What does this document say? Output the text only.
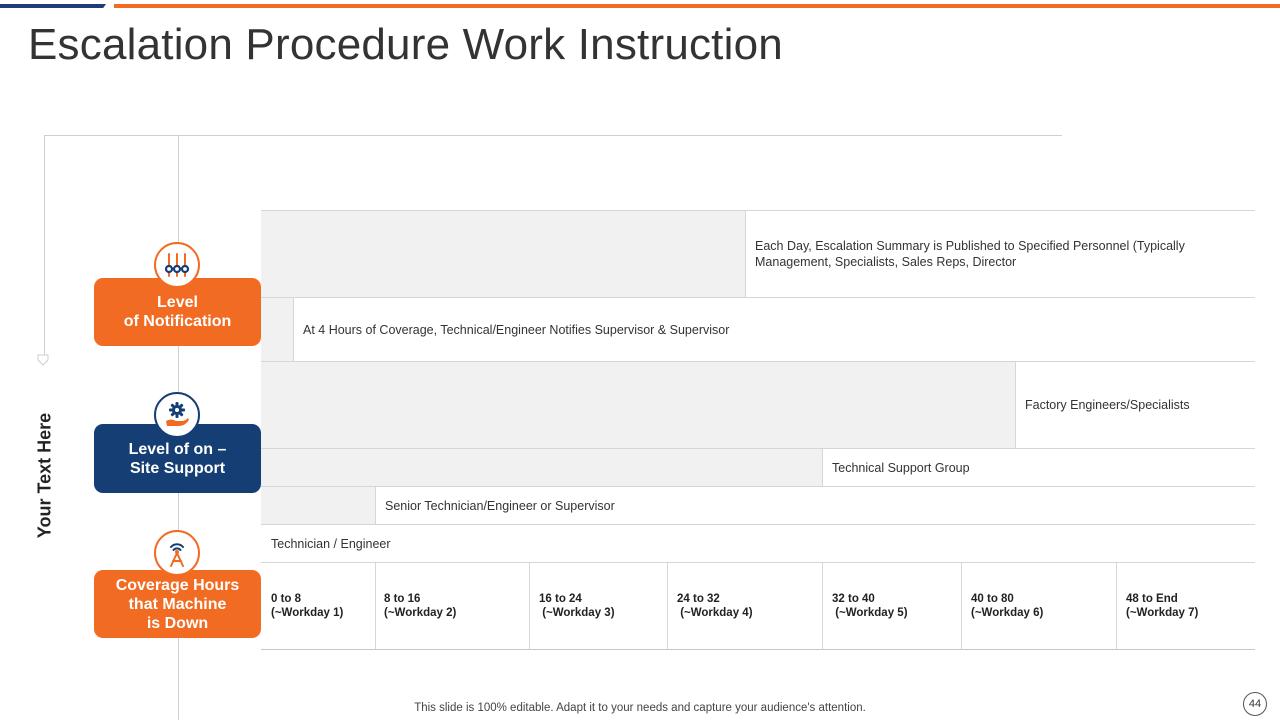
Escalation Procedure Work Instruction
Your Text Here
Level
of Notification
Level of on –
Site Support
Coverage Hours
that Machine
is Down
Each Day, Escalation Summary is Published to Specified Personnel (Typically Management, Specialists, Sales Reps, Director
At 4 Hours of Coverage, Technical/Engineer Notifies Supervisor & Supervisor
Factory Engineers/Specialists
Technical Support Group
Senior Technician/Engineer or Supervisor
Technician / Engineer
0 to 8
(~Workday 1)
8 to 16
(~Workday 2)
16 to 24
(~Workday 3)
24 to 32
(~Workday 4)
32 to 40
(~Workday 5)
40 to 80
(~Workday 6)
48 to End
(~Workday 7)
This slide is 100% editable. Adapt it to your needs and capture your audience's attention.	44
